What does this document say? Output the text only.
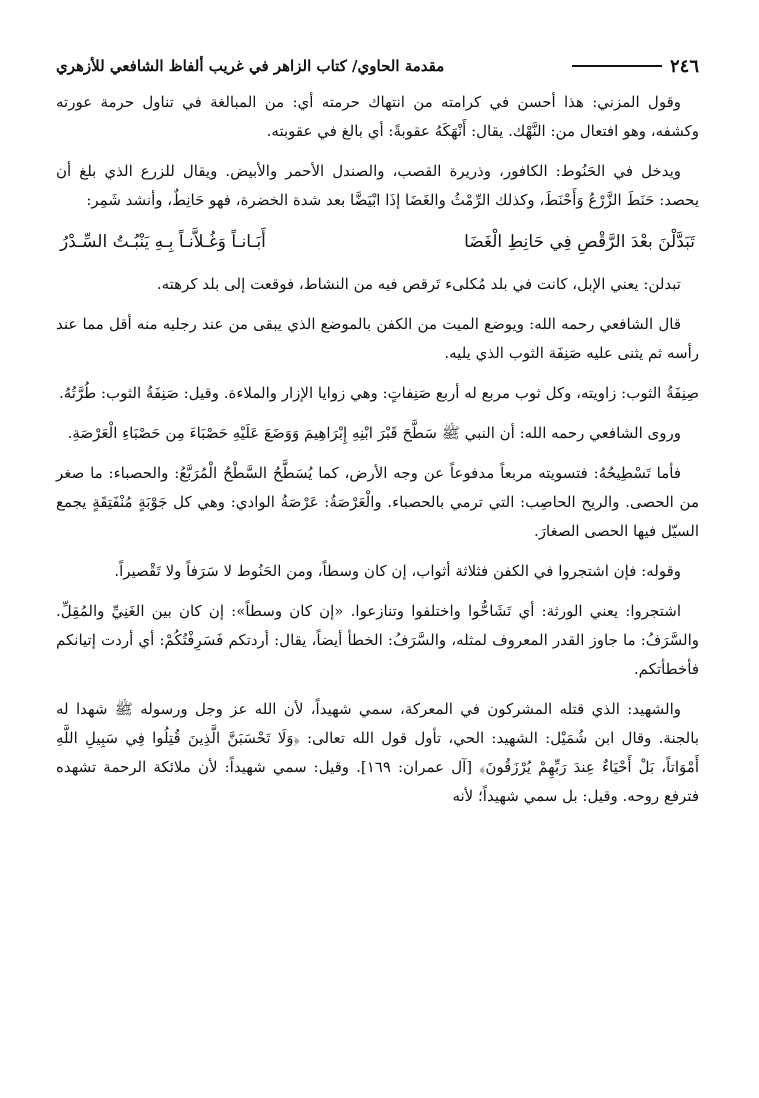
٢٤٦
مقدمة الحاوي/ كتاب الزاهر في غريب ألفاظ الشافعي للأزهري

وقول المزني: هذا أحسن في كرامته من انتهاك حرمته أي: من المبالغة في تناول حرمة عورته وكشفه، وهو افتعال من: النَّهْك. يقال: أَنْهَكَهُ عقوبةً: أي بالغ في عقوبته.

ويدخل في الحَنُوط: الكافور، وذريرة القصب، والصندل الأحمر والأبيض. ويقال للزرع الذي بلغ أن يحصد: حَنَطَ الزَّرْعُ وَأَحْنَطَ، وكذلك الرِّمْثُ والغَضَا إذَا ابْيَضَّا بعد شدة الخضرة، فهو حَانِطٌ، وأنشد شَمِر:

تَبَدَّلْنَ بعْدَ الرَّقْصِ فِي حَانِطِ الْغَضَا
أَبَـانـاً وَغُـلاَّنـاً بِـهِ يَنْبُـتُ السِّـدْرُ

تبدلن: يعني الإبل، كانت في بلد مُكلىء تَرقص فيه من النشاط، فوقعت إلى بلد كرهته.

قال الشافعي رحمه الله: ويوضع الميت من الكفن بالموضع الذي يبقى من عند رجليه منه أقل مما عند رأسه ثم يثنى عليه صَنِفَة الثوب الذي يليه.

صِنِفَةُ الثوب: زاويته، وكل ثوب مربع له أربع صَنِفاتٍ: وهي زوايا الإزار والملاءة. وقيل: صَنِفَةُ الثوب: طُرَّتُهُ.

وروى الشافعي رحمه الله: أن النبي ﷺ سَطَّحَ قَبْرَ ابْنِهِ إِبْرَاهِيمَ وَوَضَعَ عَلَيْهِ حَصْبَاءَ مِن حَصْبَاءِ الْعَرْصَةِ.

فأما تَسْطِيحُهُ: فتسويته مربعاً مدفوعاً عن وجه الأرض، كما يُسَطَّحُ السَّطْحُ الْمُرَبَّعُ: والحصباء: ما صغر من الحصى. والريح الحاصِب: التي ترمي بالحصباء. والْعَرْصَةُ: عَرْصَةُ الوادي: وهي كل جَوْبَةٍ مُنْفَتِقَةٍ يجمع السيّل فيها الحصى الصغارَ.

وقوله: فإن اشتجروا في الكفن فثلاثة أثواب، إن كان وسطاً، ومن الحَنُوط لا سَرَفاً ولا تَقْصيراً.

اشتجروا: يعني الورثة: أي تَشَاحُّوا واختلفوا وتنازعوا. «إن كان وسطاً»: إن كان بين الغَنِيِّ والمُقِلِّ. والسَّرَفُ: ما جاوز القدر المعروف لمثله، والسَّرَفُ: الخطأ أيضاً، يقال: أردتكم فَسَرِفْتُكُمْ: أي أردت إتيانكم فأخطأتكم.

والشهيد: الذي قتله المشركون في المعركة، سمي شهيداً، لأن الله عز وجل ورسوله ﷺ شهدا له بالجنة. وقال ابن شُمَيْل: الشهيد: الحي، تأول قول الله تعالى: ﴿وَلَا تَحْسَبَنَّ الَّذِينَ قُتِلُوا فِي سَبِيلِ اللَّهِ أَمْوَاتاً، بَلْ أَحْيَاءٌ عِندَ رَبِّهِمْ يُرْزَقُونَ﴾ [آل عمران: ١٦٩]. وقيل: سمي شهيداً: لأن ملائكة الرحمة تشهده فترفع روحه. وقيل: بل سمي شهيداً؛ لأنه
